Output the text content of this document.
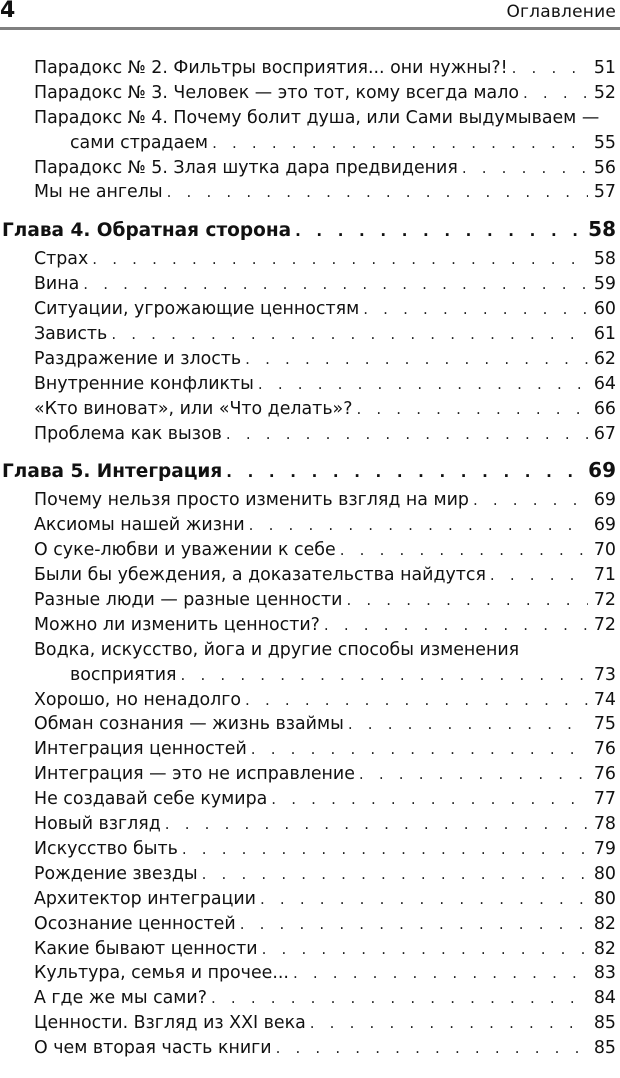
4	Оглавление
Парадокс № 2. Фильтры восприятия... они нужны?! . . .	51
Парадокс № 3. Человек — это тот, кому всегда мало . . .	52
Парадокс № 4. Почему болит душа, или Сами выдумываем —
сами страдаем . . .	55
Парадокс № 5. Злая шутка дара предвидения . . .	56
Мы не ангелы . . .	57
Глава 4. Обратная сторона . . .	58
Страх . . .	58
Вина . . .	59
Ситуации, угрожающие ценностям . . .	60
Зависть . . .	61
Раздражение и злость . . .	62
Внутренние конфликты . . .	64
«Кто виноват», или «Что делать»? . . .	66
Проблема как вызов . . .	67
Глава 5. Интеграция . . .	69
Почему нельзя просто изменить взгляд на мир . . .	69
Аксиомы нашей жизни . . .	69
О суке-любви и уважении к себе . . .	70
Были бы убеждения, а доказательства найдутся . . .	71
Разные люди — разные ценности . . .	72
Можно ли изменить ценности? . . .	72
Водка, искусство, йога и другие способы изменения
восприятия . . .	73
Хорошо, но ненадолго . . .	74
Обман сознания — жизнь взаймы . . .	75
Интеграция ценностей . . .	76
Интеграция — это не исправление . . .	76
Не создавай себе кумира . . .	77
Новый взгляд . . .	78
Искусство быть . . .	79
Рождение звезды . . .	80
Архитектор интеграции . . .	80
Осознание ценностей . . .	82
Какие бывают ценности . . .	82
Культура, семья и прочее... . . .	83
А где же мы сами? . . .	84
Ценности. Взгляд из XXI века . . .	85
О чем вторая часть книги . . .	85
